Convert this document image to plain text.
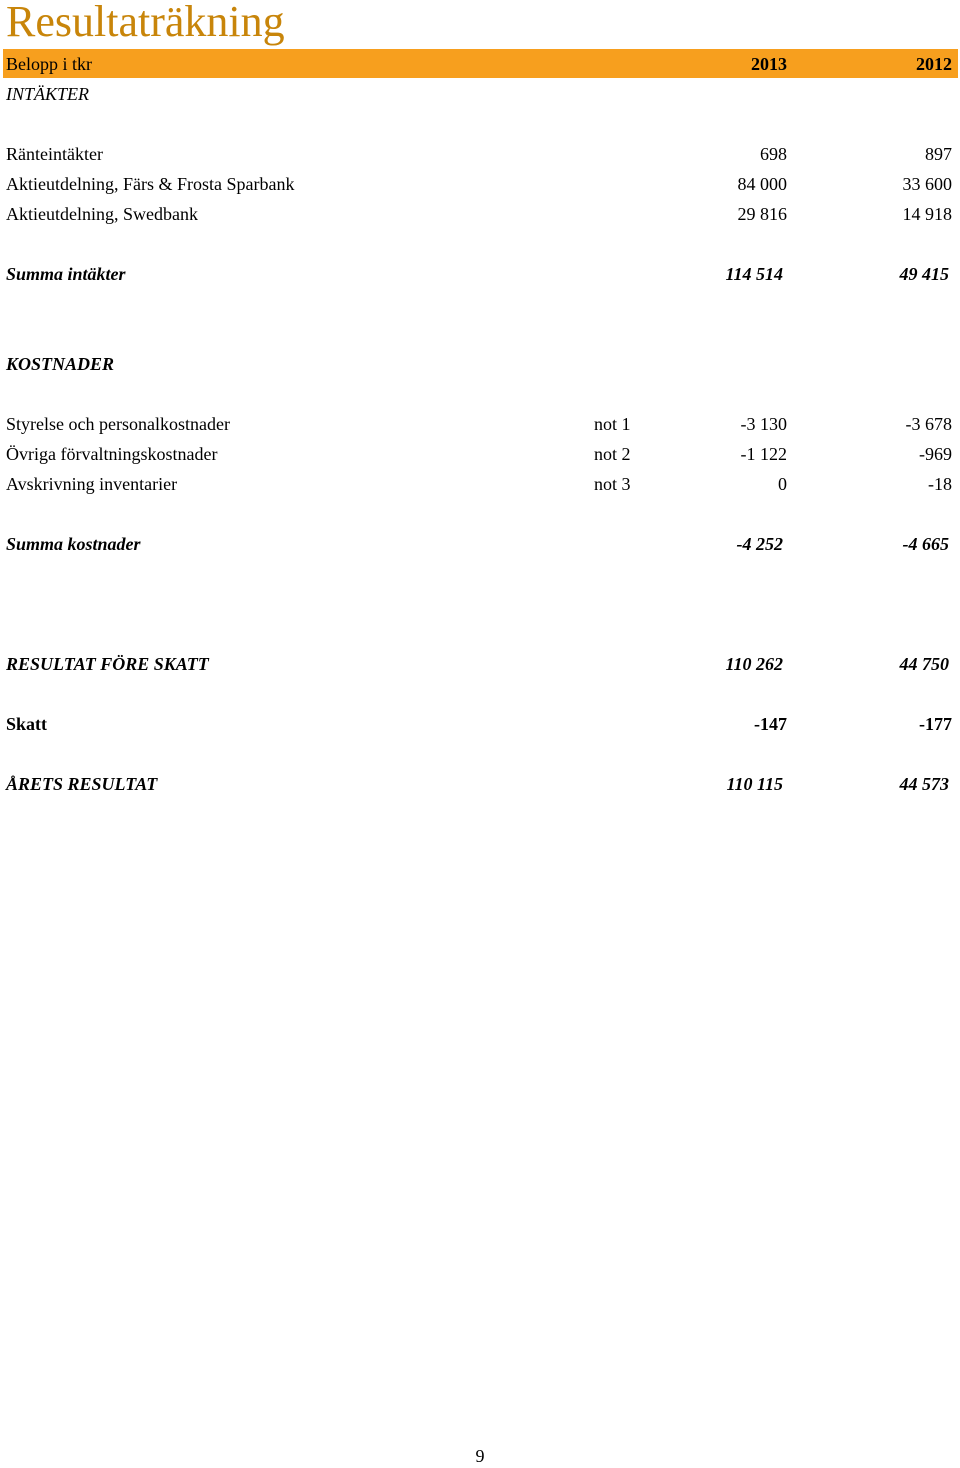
Resultaträkning
Belopp i tkr	2013	2012
INTÄKTER
Ränteintäkter	698	897
Aktieutdelning, Färs & Frosta Sparbank	84 000	33 600
Aktieutdelning, Swedbank	29 816	14 918
Summa intäkter	114 514	49 415
KOSTNADER
Styrelse och personalkostnader	not 1	-3 130	-3 678
Övriga förvaltningskostnader	not 2	-1 122	-969
Avskrivning inventarier	not 3	0	-18
Summa kostnader	-4 252	-4 665
RESULTAT FÖRE SKATT	110 262	44 750
Skatt	-147	-177
ÅRETS RESULTAT	110 115	44 573
9
